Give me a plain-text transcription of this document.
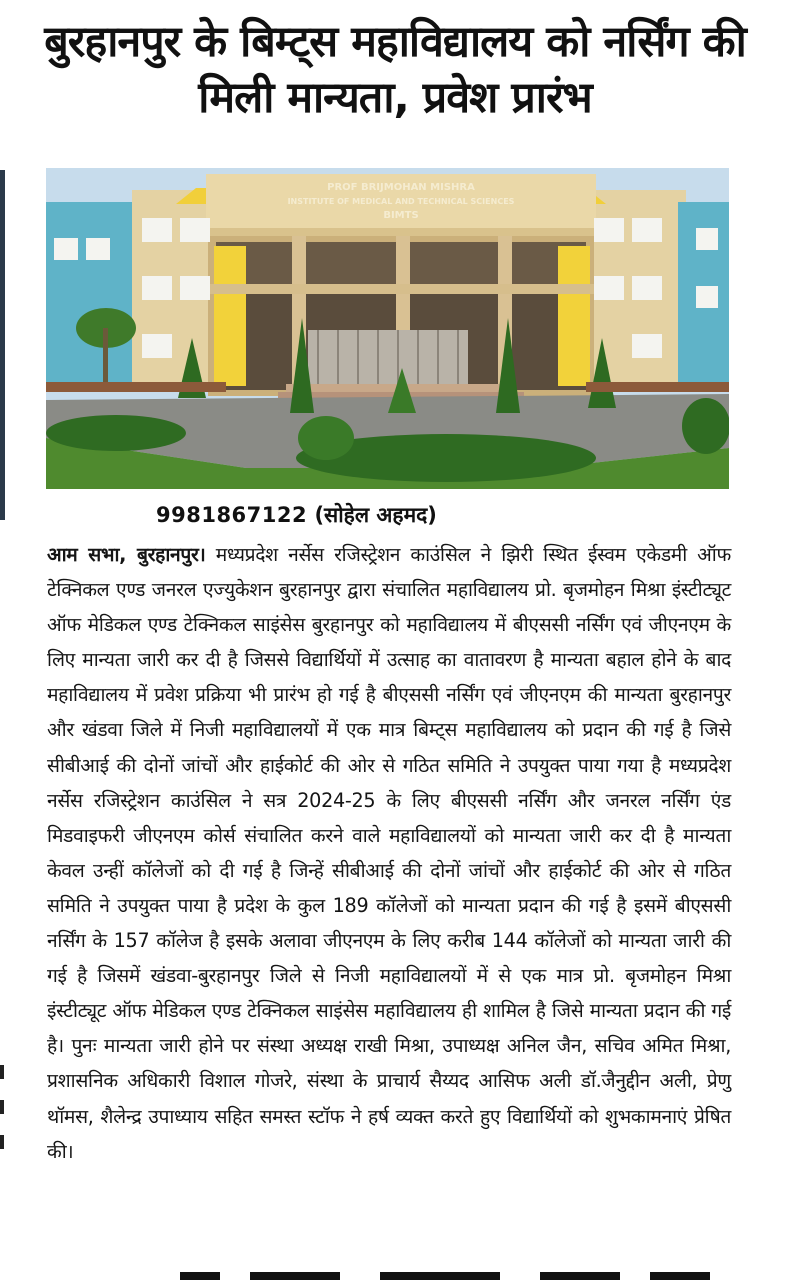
बुरहानपुर के बिम्ट्स महाविद्यालय को नर्सिंग की मिली मान्यता, प्रवेश प्रारंभ
PROF BRIJMOHAN MISHRA
INSTITUTE OF MEDICAL AND TECHNICAL SCIENCES
BIMTS
9981867122 (सोहेल अहमद)

आम सभा, बुरहानपुर। मध्यप्रदेश नर्सेस रजिस्ट्रेशन काउंसिल ने झिरी स्थित ईस्वम एकेडमी ऑफ टेक्निकल एण्ड जनरल एज्युकेशन बुरहानपुर द्वारा संचालित महाविद्यालय प्रो. बृजमोहन मिश्रा इंस्टीट्यूट ऑफ मेडिकल एण्ड टेक्निकल साइंसेस बुरहानपुर को महाविद्यालय में बीएससी नर्सिंग एवं जीएनएम के लिए मान्यता जारी कर दी है जिससे विद्यार्थियों में उत्साह का वातावरण है मान्यता बहाल होने के बाद महाविद्यालय में प्रवेश प्रक्रिया भी प्रारंभ हो गई है बीएससी नर्सिंग एवं जीएनएम की मान्यता बुरहानपुर और खंडवा जिले में निजी महाविद्यालयों में एक मात्र बिम्ट्स महाविद्यालय को प्रदान की गई है जिसे सीबीआई की दोनों जांचों और हाईकोर्ट की ओर से गठित समिति ने उपयुक्त पाया गया है मध्यप्रदेश नर्सेस रजिस्ट्रेशन काउंसिल ने सत्र 2024-25 के लिए बीएससी नर्सिंग और जनरल नर्सिंग एंड मिडवाइफरी जीएनएम कोर्स संचालित करने वाले महाविद्यालयों को मान्यता जारी कर दी है मान्यता केवल उन्हीं कॉलेजों को दी गई है जिन्हें सीबीआई की दोनों जांचों और हाईकोर्ट की ओर से गठित समिति ने उपयुक्त पाया है प्रदेश के कुल 189 कॉलेजों को मान्यता प्रदान की गई है इसमें बीएससी नर्सिंग के 157 कॉलेज है इसके अलावा जीएनएम के लिए करीब 144 कॉलेजों को मान्यता जारी की गई है जिसमें खंडवा-बुरहानपुर जिले से निजी महाविद्यालयों में से एक मात्र प्रो. बृजमोहन मिश्रा इंस्टीट्यूट ऑफ मेडिकल एण्ड टेक्निकल साइंसेस महाविद्यालय ही शामिल है जिसे मान्यता प्रदान की गई है। पुनः मान्यता जारी होने पर संस्था अध्यक्ष राखी मिश्रा, उपाध्यक्ष अनिल जैन, सचिव अमित मिश्रा, प्रशासनिक अधिकारी विशाल गोजरे, संस्था के प्राचार्य सैय्यद आसिफ अली डॉ.जैनुद्दीन अली, प्रेणु थॉमस, शैलेन्द्र उपाध्याय सहित समस्त स्टॉफ ने हर्ष व्यक्त करते हुए विद्यार्थियों को शुभकामनाएं प्रेषित की।
